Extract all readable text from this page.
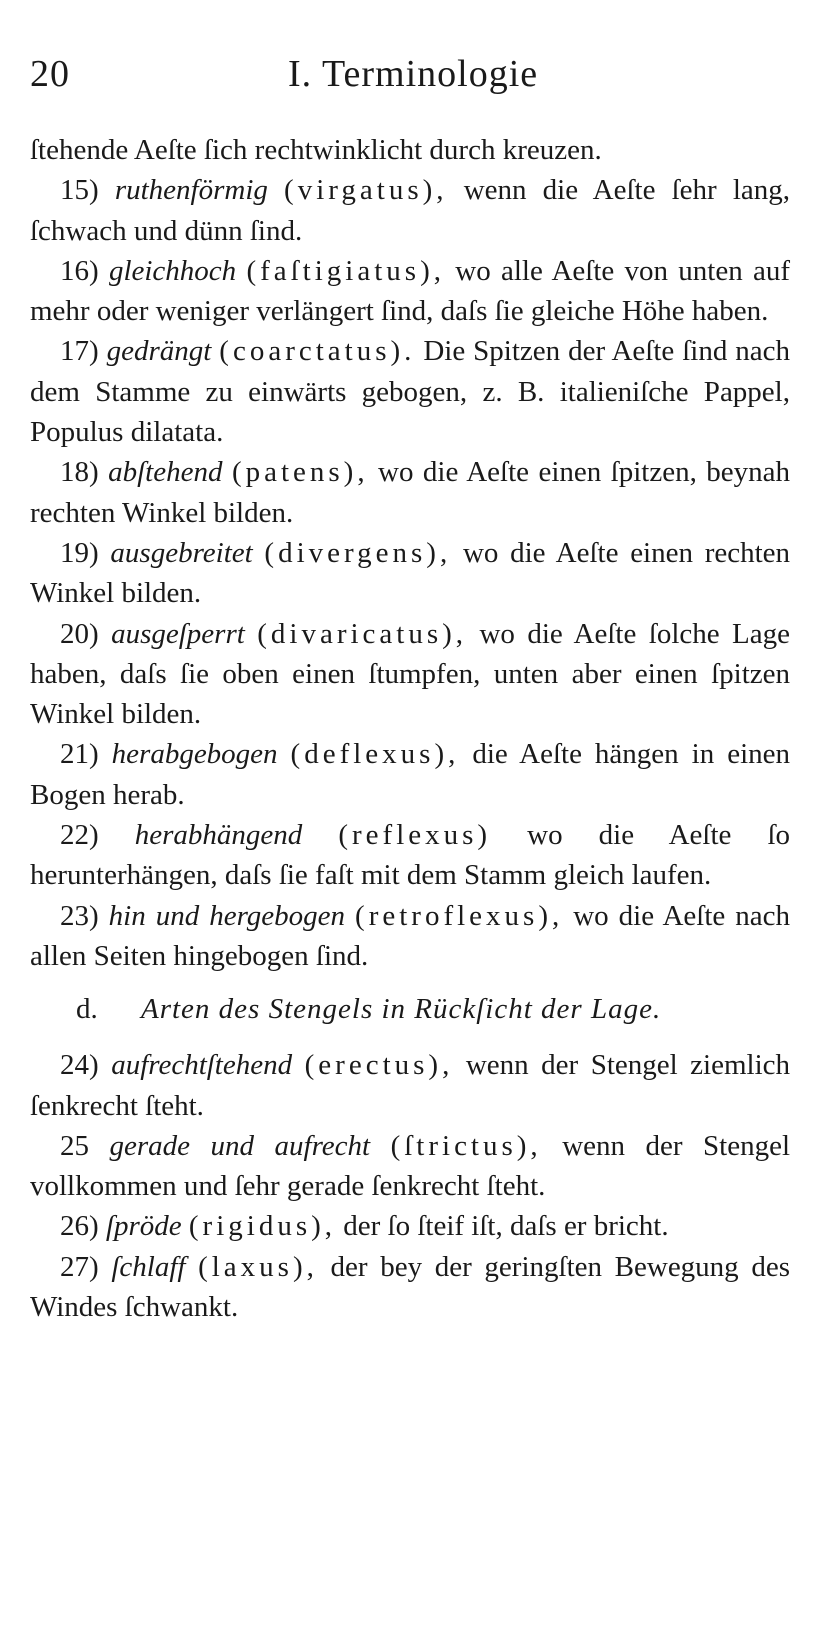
20	I. Terminologie

ſtehende Aeſte ſich rechtwinklicht durch kreuzen.

15) ruthenförmig (virgatus), wenn die Aeſte ſehr lang, ſchwach und dünn ſind.

16) gleichhoch (faſtigiatus), wo alle Aeſte von unten auf mehr oder weniger verlängert ſind, daſs ſie gleiche Höhe haben.

17) gedrängt (coarctatus). Die Spitzen der Aeſte ſind nach dem Stamme zu einwärts gebogen, z. B. italieniſche Pappel, Populus dilatata.

18) abſtehend (patens), wo die Aeſte einen ſpitzen, beynah rechten Winkel bilden.

19) ausgebreitet (divergens), wo die Aeſte einen rechten Winkel bilden.

20) ausgeſperrt (divaricatus), wo die Aeſte ſolche Lage haben, daſs ſie oben einen ſtumpfen, unten aber einen ſpitzen Winkel bilden.

21) herabgebogen (deflexus), die Aeſte hängen in einen Bogen herab.

22) herabhängend (reflexus) wo die Aeſte ſo herunterhängen, daſs ſie faſt mit dem Stamm gleich laufen.

23) hin und hergebogen (retroflexus), wo die Aeſte nach allen Seiten hingebogen ſind.

d. Arten des Stengels in Rückſicht der Lage.

24) aufrechtſtehend (erectus), wenn der Stengel ziemlich ſenkrecht ſteht.

25 gerade und aufrecht (ſtrictus), wenn der Stengel vollkommen und ſehr gerade ſenkrecht ſteht.

26) ſpröde (rigidus), der ſo ſteif iſt, daſs er bricht.

27) ſchlaff (laxus), der bey der geringſten Bewegung des Windes ſchwankt.
